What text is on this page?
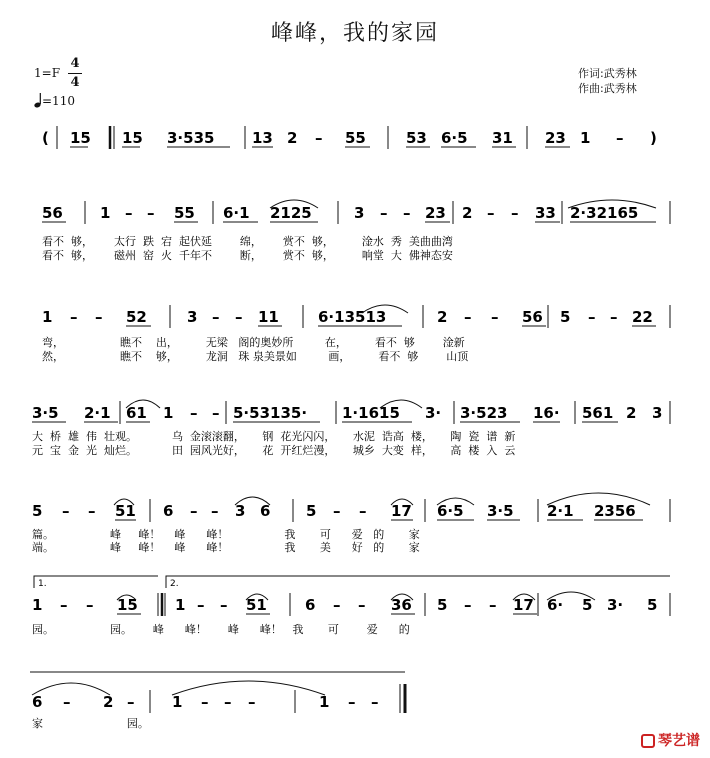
峰峰，我的家园
1=F
4
4
=110
作词:武秀林
作曲:武秀林
( 15 15 3·535	13 2 – 55	53 6·5 31 23 1 – )
56 1 – – 55 6·1 2125	3 – – 23 2 – – 33 2·32165
看不  够，      太行  跌  宕  起伏延        绵，      赏不  够，        淦水  秀  美曲曲湾
看不  够，      磁州  窑  火  千年不        断，      赏不  够，        响堂  大  佛神态安
1 – – 52	3 – – 11	6·13513	2 – – 56 5 – – 22
弯，                瞧不    出，        无梁   阁的奥妙所         在，        看不  够        淦新
然，                瞧不    够，        龙洞   珠 泉美景如         画，        看不  够        山顶
3·5 2·1 61 1 – – 5·53135· 1·1615 3· 3·523 16· 561 2 3
大  桥  雄  伟  壮观。          乌  金滚滚翻，     钢  花光闪闪，     水泥  诰高  楼，     陶  瓷  谱  新
元  宝  金  光  灿烂。          田  园风光好，     花  开红烂漫，     城乡  大变  样，     高  楼  入  云
5 – – 51 6 – – 3 6 5 – – 17 6·5 3·5 2·1 2356
篇。                峰     峰！    峰      峰！                我       可      爱   的       家
端。                峰     峰！    峰      峰！                我       美      好   的       家
1 – – 15 1 – – 51	6 – – 36 5 – – 17 6· 5 3· 5
园。                园。      峰      峰！      峰      峰！   我       可        爱      的
6 – 2 –	1 – – –	1 – –
家                        园。
1.	2.
琴艺谱
